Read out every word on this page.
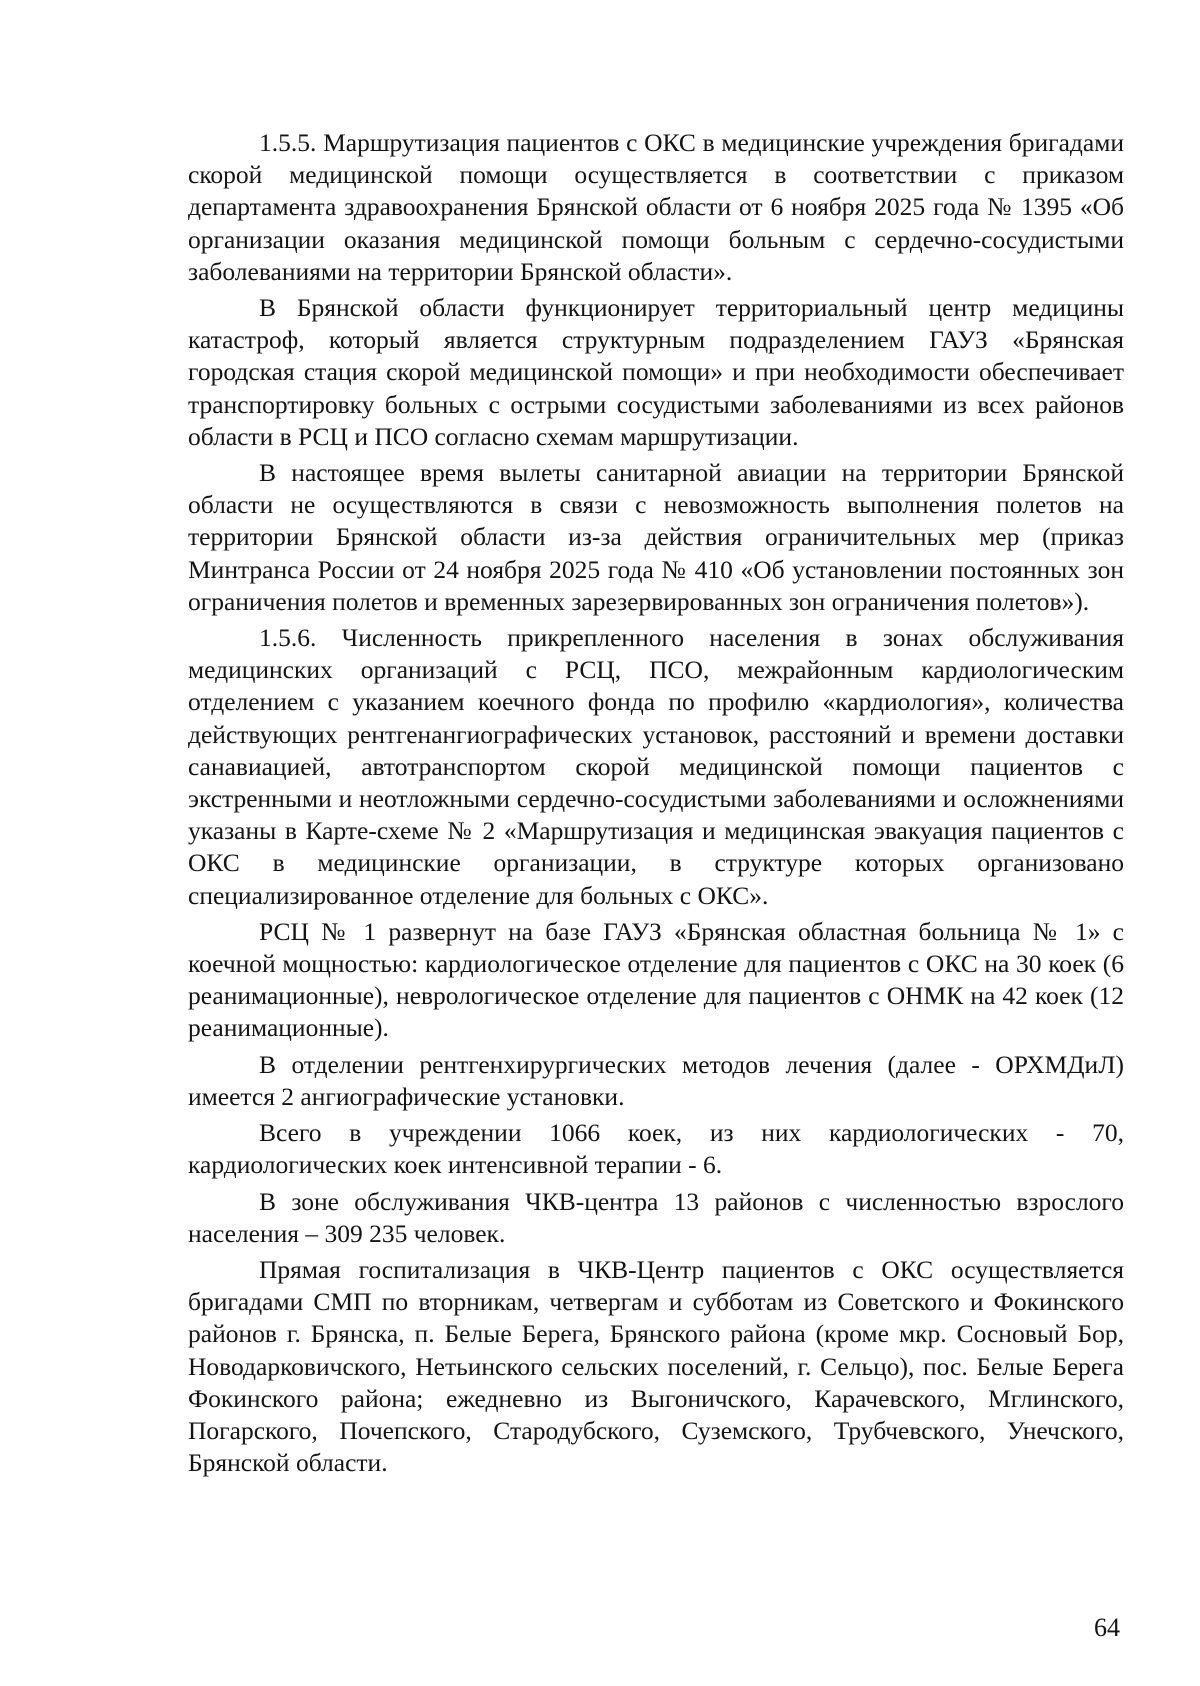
1.5.5. Маршрутизация пациентов с ОКС в медицинские учреждения бригадами скорой медицинской помощи осуществляется в соответствии с приказом департамента здравоохранения Брянской области от 6 ноября 2025 года № 1395 «Об организации оказания медицинской помощи больным с сердечно-сосудистыми заболеваниями на территории Брянской области».

В Брянской области функционирует территориальный центр медицины катастроф, который является структурным подразделением ГАУЗ «Брянская городская стация скорой медицинской помощи» и при необходимости обеспечивает транспортировку больных с острыми сосудистыми заболеваниями из всех районов области в РСЦ и ПСО согласно схемам маршрутизации.

В настоящее время вылеты санитарной авиации на территории Брянской области не осуществляются в связи с невозможность выполнения полетов на территории Брянской области из-за действия ограничительных мер (приказ Минтранса России от 24 ноября 2025 года № 410 «Об установлении постоянных зон ограничения полетов и временных зарезервированных зон ограничения полетов»).

1.5.6. Численность прикрепленного населения в зонах обслуживания медицинских организаций с РСЦ, ПСО, межрайонным кардиологическим отделением с указанием коечного фонда по профилю «кардиология», количества действующих рентгенангиографических установок, расстояний и времени доставки санавиацией, автотранспортом скорой медицинской помощи пациентов с экстренными и неотложными сердечно-сосудистыми заболеваниями и осложнениями указаны в Карте-схеме № 2 «Маршрутизация и медицинская эвакуация пациентов с ОКС в медицинские организации, в структуре которых организовано специализированное отделение для больных с ОКС».

РСЦ № 1 развернут на базе ГАУЗ «Брянская областная больница № 1» с коечной мощностью: кардиологическое отделение для пациентов с ОКС на 30 коек (6 реанимационные), неврологическое отделение для пациентов с ОНМК на 42 коек (12 реанимационные).

В отделении рентгенхирургических методов лечения (далее - ОРХМДиЛ) имеется 2 ангиографические установки.

Всего в учреждении 1066 коек, из них кардиологических - 70, кардиологических коек интенсивной терапии - 6.

В зоне обслуживания ЧКВ-центра 13 районов с численностью взрослого населения – 309 235 человек.

Прямая госпитализация в ЧКВ-Центр пациентов с ОКС осуществляется бригадами СМП по вторникам, четвергам и субботам из Советского и Фокинского районов г. Брянска, п. Белые Берега, Брянского района (кроме мкр. Сосновый Бор, Новодарковичского, Нетьинского сельских поселений, г. Сельцо), пос. Белые Берега Фокинского района; ежедневно из Выгоничского, Карачевского, Мглинского, Погарского, Почепского, Стародубского, Суземского, Трубчевского, Унечского, Брянской области.

64
